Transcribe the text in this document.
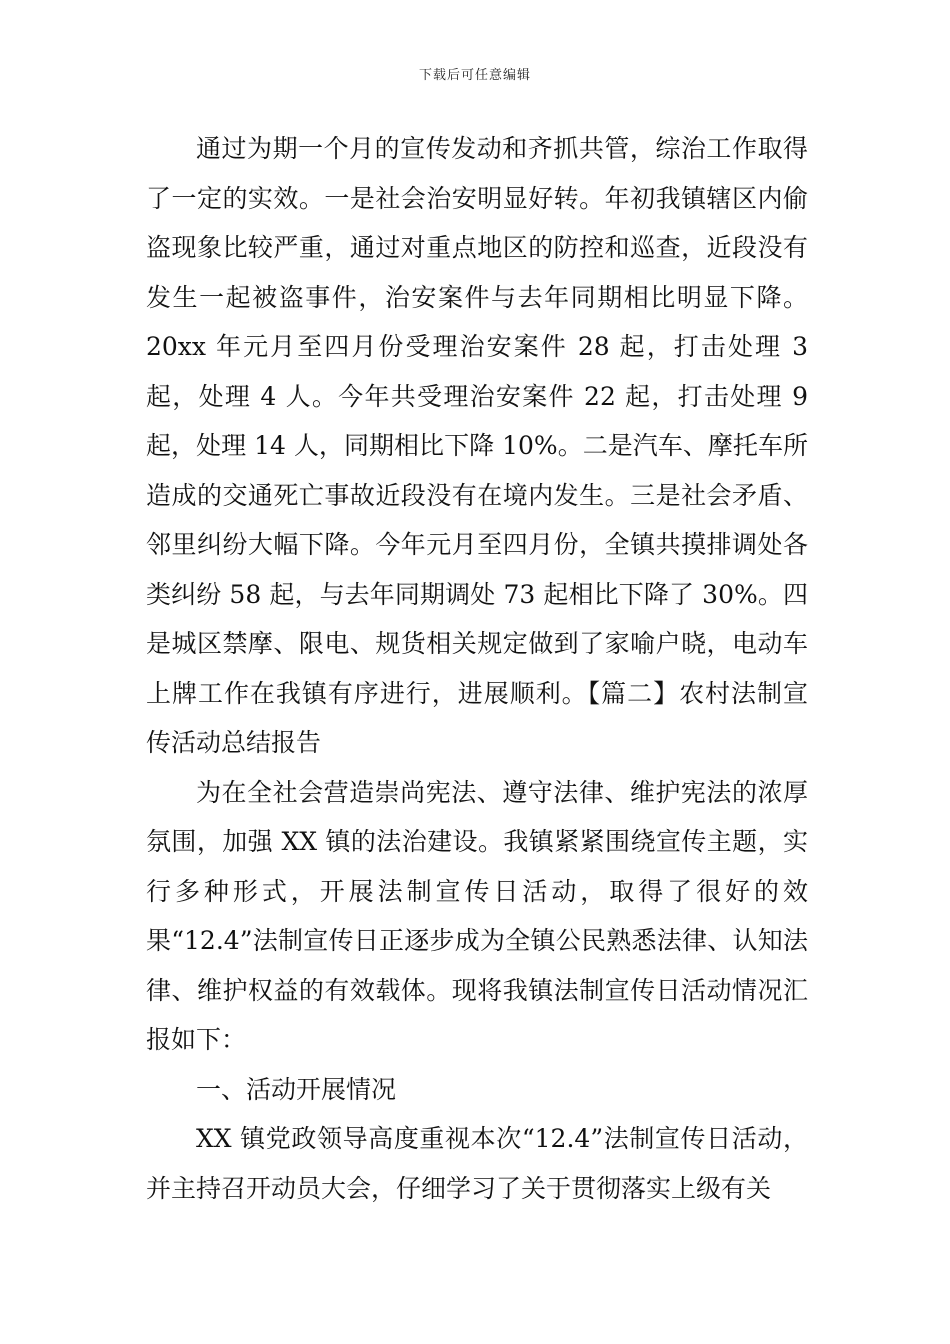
下载后可任意编辑

通过为期一个月的宣传发动和齐抓共管，综治工作取得了一定的实效。一是社会治安明显好转。年初我镇辖区内偷盗现象比较严重，通过对重点地区的防控和巡查，近段没有发生一起被盗事件，治安案件与去年同期相比明显下降。20xx 年元月至四月份受理治安案件 28 起，打击处理 3 起，处理 4 人。今年共受理治安案件 22 起，打击处理 9 起，处理 14 人，同期相比下降 10%。二是汽车、摩托车所造成的交通死亡事故近段没有在境内发生。三是社会矛盾、邻里纠纷大幅下降。今年元月至四月份，全镇共摸排调处各类纠纷 58 起，与去年同期调处 73 起相比下降了 30%。四是城区禁摩、限电、规货相关规定做到了家喻户晓，电动车上牌工作在我镇有序进行，进展顺利。【篇二】农村法制宣传活动总结报告

为在全社会营造崇尚宪法、遵守法律、维护宪法的浓厚氛围，加强 XX 镇的法治建设。我镇紧紧围绕宣传主题，实行多种形式，开展法制宣传日活动，取得了很好的效果“12.4”法制宣传日正逐步成为全镇公民熟悉法律、认知法律、维护权益的有效载体。现将我镇法制宣传日活动情况汇报如下：

一、活动开展情况

XX 镇党政领导高度重视本次“12.4”法制宣传日活动，并主持召开动员大会，仔细学习了关于贯彻落实上级有关
